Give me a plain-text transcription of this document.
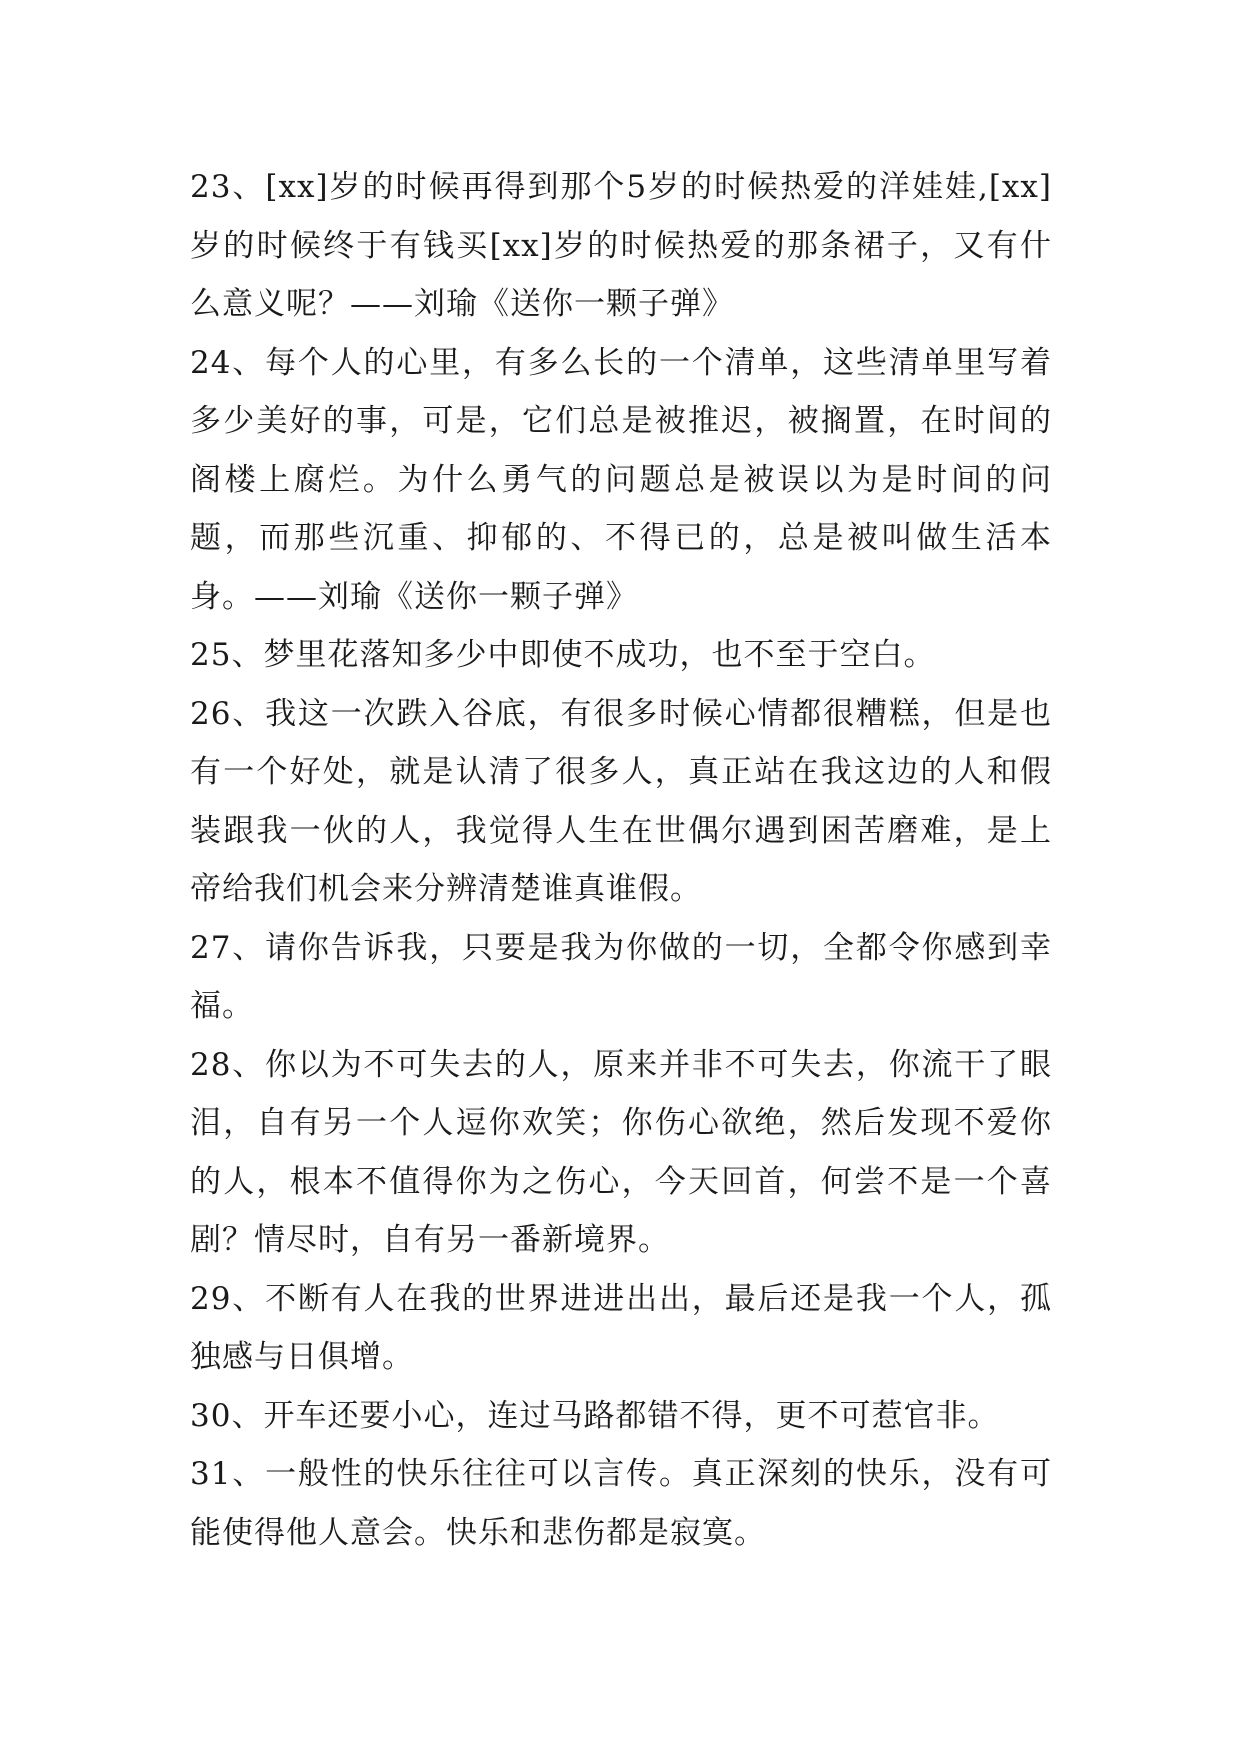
23、[xx]岁的时候再得到那个5岁的时候热爱的洋娃娃,[xx]岁的时候终于有钱买[xx]岁的时候热爱的那条裙子，又有什么意义呢？——刘瑜《送你一颗子弹》

24、每个人的心里，有多么长的一个清单，这些清单里写着多少美好的事，可是，它们总是被推迟，被搁置，在时间的阁楼上腐烂。为什么勇气的问题总是被误以为是时间的问题，而那些沉重、抑郁的、不得已的，总是被叫做生活本身。——刘瑜《送你一颗子弹》

25、梦里花落知多少中即使不成功，也不至于空白。

26、我这一次跌入谷底，有很多时候心情都很糟糕，但是也有一个好处，就是认清了很多人，真正站在我这边的人和假装跟我一伙的人，我觉得人生在世偶尔遇到困苦磨难，是上帝给我们机会来分辨清楚谁真谁假。

27、请你告诉我，只要是我为你做的一切，全都令你感到幸福。

28、你以为不可失去的人，原来并非不可失去，你流干了眼泪，自有另一个人逗你欢笑；你伤心欲绝，然后发现不爱你的人，根本不值得你为之伤心，今天回首，何尝不是一个喜剧？情尽时，自有另一番新境界。

29、不断有人在我的世界进进出出，最后还是我一个人，孤独感与日俱增。

30、开车还要小心，连过马路都错不得，更不可惹官非。

31、一般性的快乐往往可以言传。真正深刻的快乐，没有可能使得他人意会。快乐和悲伤都是寂寞。
